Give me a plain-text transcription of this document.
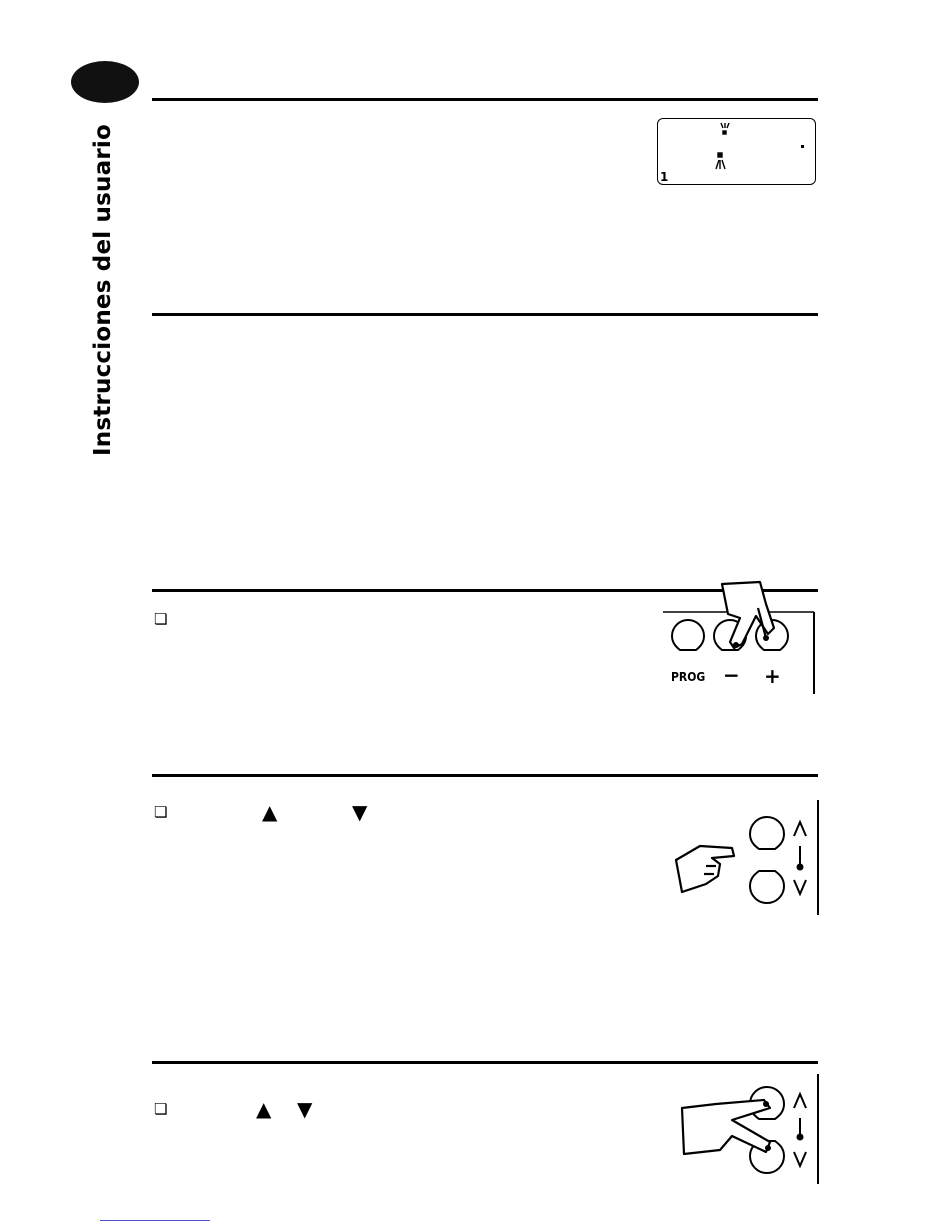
Instrucciones del usuario	1
❏
PROG − +
❏	▲	▼
❏	▲ ▼
